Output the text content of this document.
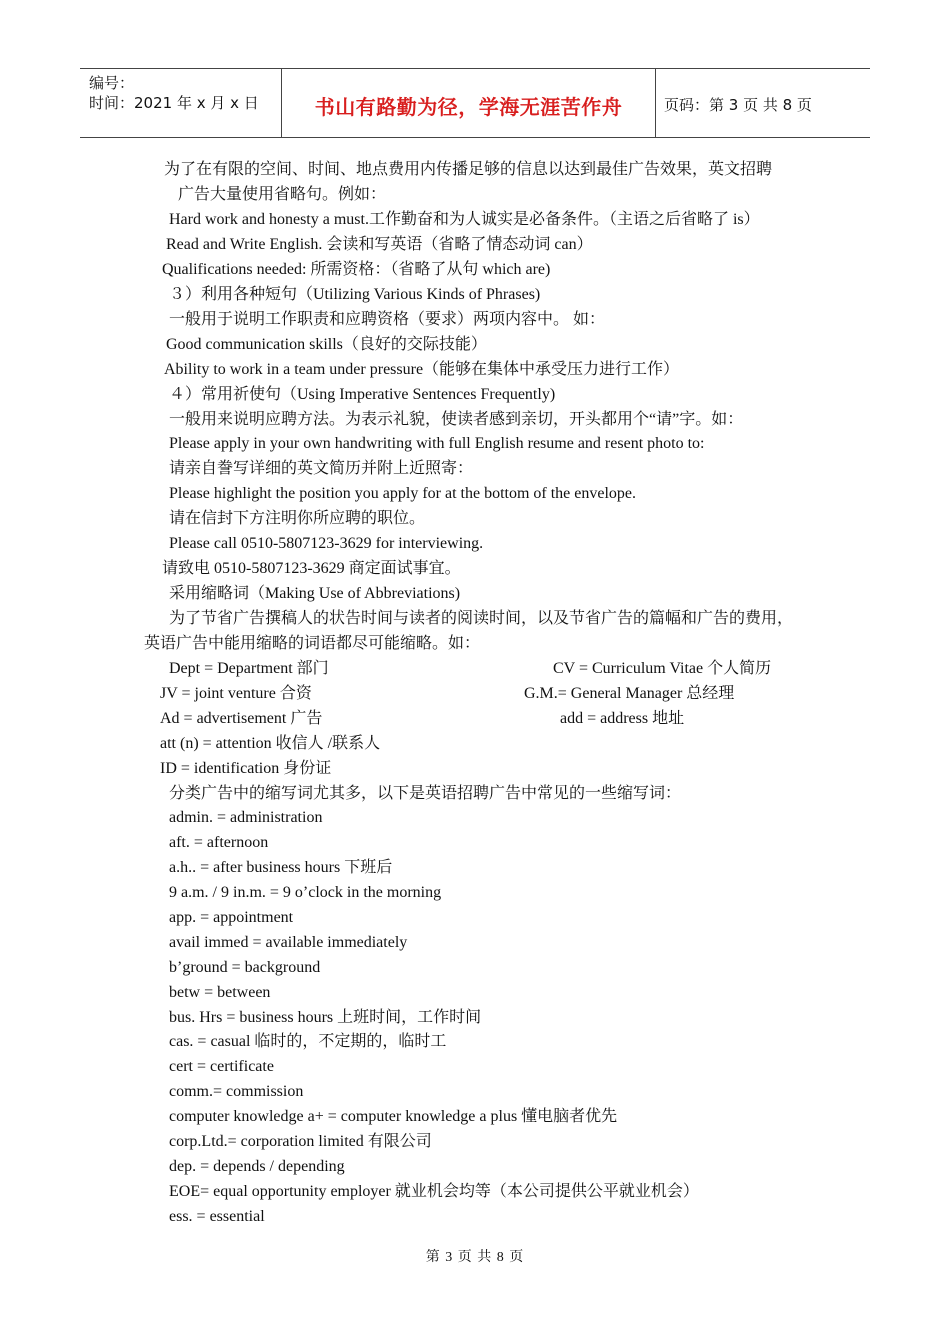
编号：
时间：2021 年 x 月 x 日	书山有路勤为径，学海无涯苦作舟	页码：第 3 页 共 8 页
为了在有限的空间、时间、地点费用内传播足够的信息以达到最佳广告效果，英文招聘
广告大量使用省略句。例如：
Hard work and honesty a must.工作勤奋和为人诚实是必备条件。（主语之后省略了 is）
Read and Write English. 会读和写英语（省略了情态动词 can）
Qualifications needed: 所需资格：（省略了从句 which are)
３）利用各种短句（Utilizing Various Kinds of Phrases)
一般用于说明工作职责和应聘资格（要求）两项内容中。 如：
Good communication skills（良好的交际技能）
Ability to work in a team under pressure（能够在集体中承受压力进行工作）
４）常用祈使句（Using Imperative Sentences Frequently)
一般用来说明应聘方法。为表示礼貌，使读者感到亲切，开头都用个“请”字。如：
Please apply in your own handwriting with full English resume and resent photo to:
请亲自誊写详细的英文简历并附上近照寄：
Please highlight the position you apply for at the bottom of the envelope.
请在信封下方注明你所应聘的职位。
Please call 0510-5807123-3629 for interviewing.
请致电 0510-5807123-3629 商定面试事宜。
采用缩略词（Making Use of Abbreviations)
为了节省广告撰稿人的状告时间与读者的阅读时间，以及节省广告的篇幅和广告的费用，
英语广告中能用缩略的词语都尽可能缩略。如：
Dept = Department 部门	CV = Curriculum Vitae 个人简历
JV = joint venture 合资	G.M.= General Manager 总经理
Ad = advertisement 广告	add = address 地址
att (n) = attention 收信人 /联系人
ID = identification 身份证
分类广告中的缩写词尤其多，以下是英语招聘广告中常见的一些缩写词：
admin. = administration
aft. = afternoon
a.h.. = after business hours 下班后
9 a.m. / 9 in.m. = 9 o’clock in the morning
app. = appointment
avail immed = available immediately
b’ground = background
betw = between
bus. Hrs = business hours 上班时间，工作时间
cas. = casual 临时的，不定期的，临时工
cert = certificate
comm.= commission
computer knowledge a+ = computer knowledge a plus 懂电脑者优先
corp.Ltd.= corporation limited 有限公司
dep. = depends / depending
EOE= equal opportunity employer 就业机会均等（本公司提供公平就业机会）
ess. = essential
第 3 页 共 8 页
